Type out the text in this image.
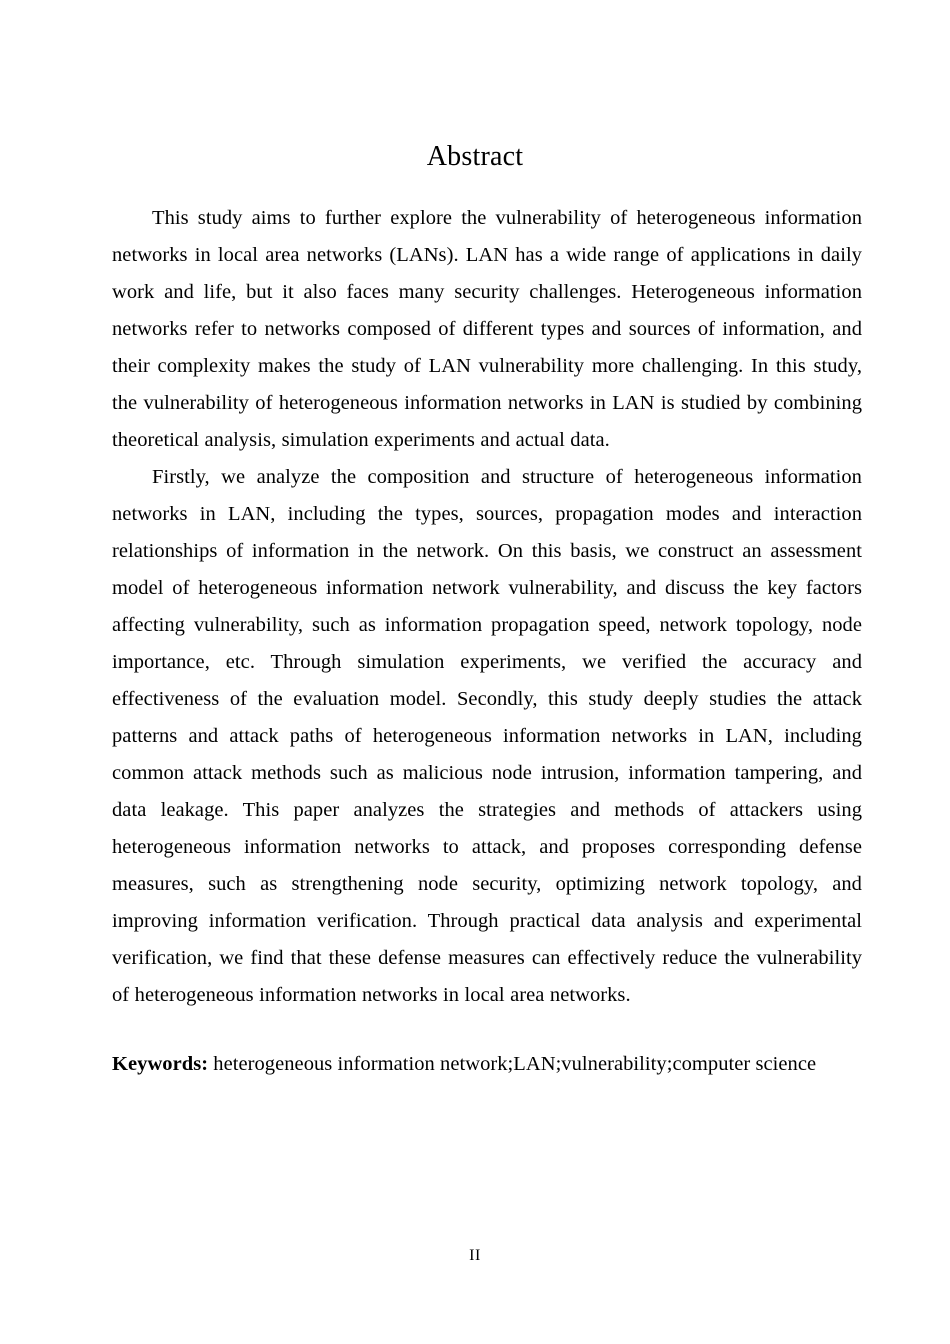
Abstract

This study aims to further explore the vulnerability of heterogeneous information networks in local area networks (LANs). LAN has a wide range of applications in daily work and life, but it also faces many security challenges. Heterogeneous information networks refer to networks composed of different types and sources of information, and their complexity makes the study of LAN vulnerability more challenging. In this study, the vulnerability of heterogeneous information networks in LAN is studied by combining theoretical analysis, simulation experiments and actual data.

Firstly, we analyze the composition and structure of heterogeneous information networks in LAN, including the types, sources, propagation modes and interaction relationships of information in the network. On this basis, we construct an assessment model of heterogeneous information network vulnerability, and discuss the key factors affecting vulnerability, such as information propagation speed, network topology, node importance, etc. Through simulation experiments, we verified the accuracy and effectiveness of the evaluation model. Secondly, this study deeply studies the attack patterns and attack paths of heterogeneous information networks in LAN, including common attack methods such as malicious node intrusion, information tampering, and data leakage. This paper analyzes the strategies and methods of attackers using heterogeneous information networks to attack, and proposes corresponding defense measures, such as strengthening node security, optimizing network topology, and improving information verification. Through practical data analysis and experimental verification, we find that these defense measures can effectively reduce the vulnerability of heterogeneous information networks in local area networks.

Keywords: heterogeneous information network;LAN;vulnerability;computer science

II
